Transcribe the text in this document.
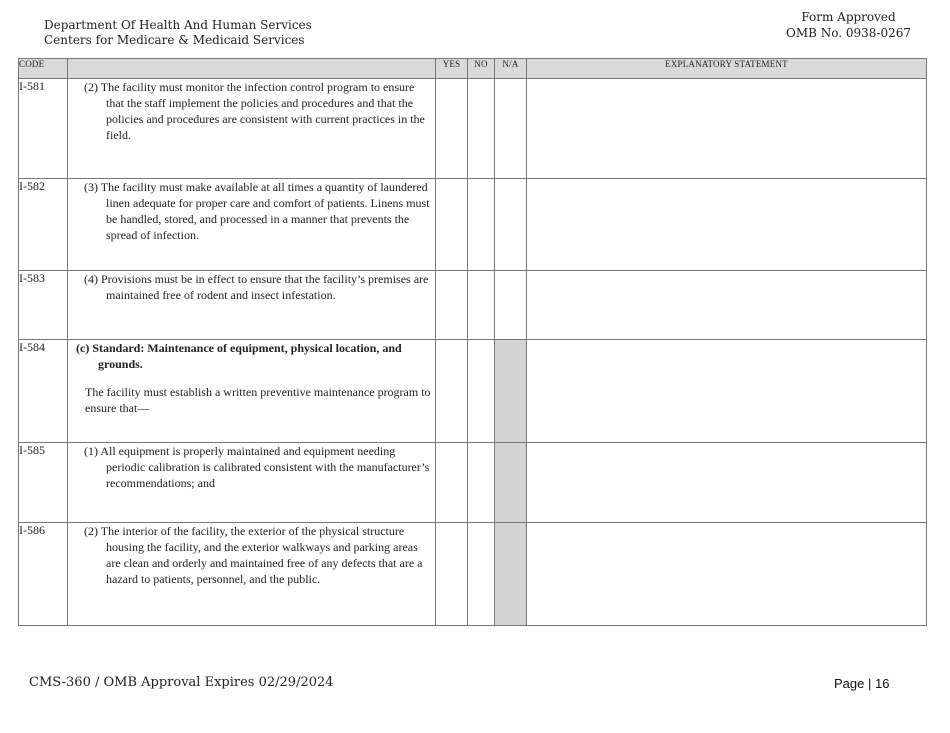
Department Of Health And Human Services
Centers for Medicare & Medicaid Services
Form Approved
OMB No. 0938-0267
CODE		YES	NO	N/A	EXPLANATORY STATEMENT
I-581	(2) The facility must monitor the infection control program to ensure that the staff implement the policies and procedures and that the policies and procedures are consistent with current practices in the field.				

I-582	(3) The facility must make available at all times a quantity of laundered linen adequate for proper care and comfort of patients. Linens must be handled, stored, and processed in a manner that prevents the spread of infection.				

I-583	(4) Provisions must be in effect to ensure that the facility’s premises are maintained free of rodent and insect infestation.				

I-584	(c) Standard: Maintenance of equipment, physical location, and grounds.

The facility must establish a written preventive maintenance program to ensure that—				

I-585	(1) All equipment is properly maintained and equipment needing periodic calibration is calibrated consistent with the manufacturer’s recommendations; and				

I-586	(2) The interior of the facility, the exterior of the physical structure housing the facility, and the exterior walkways and parking areas are clean and orderly and maintained free of any defects that are a hazard to patients, personnel, and the public.				

CMS-360 / OMB Approval Expires 02/29/2024	Page | 16
